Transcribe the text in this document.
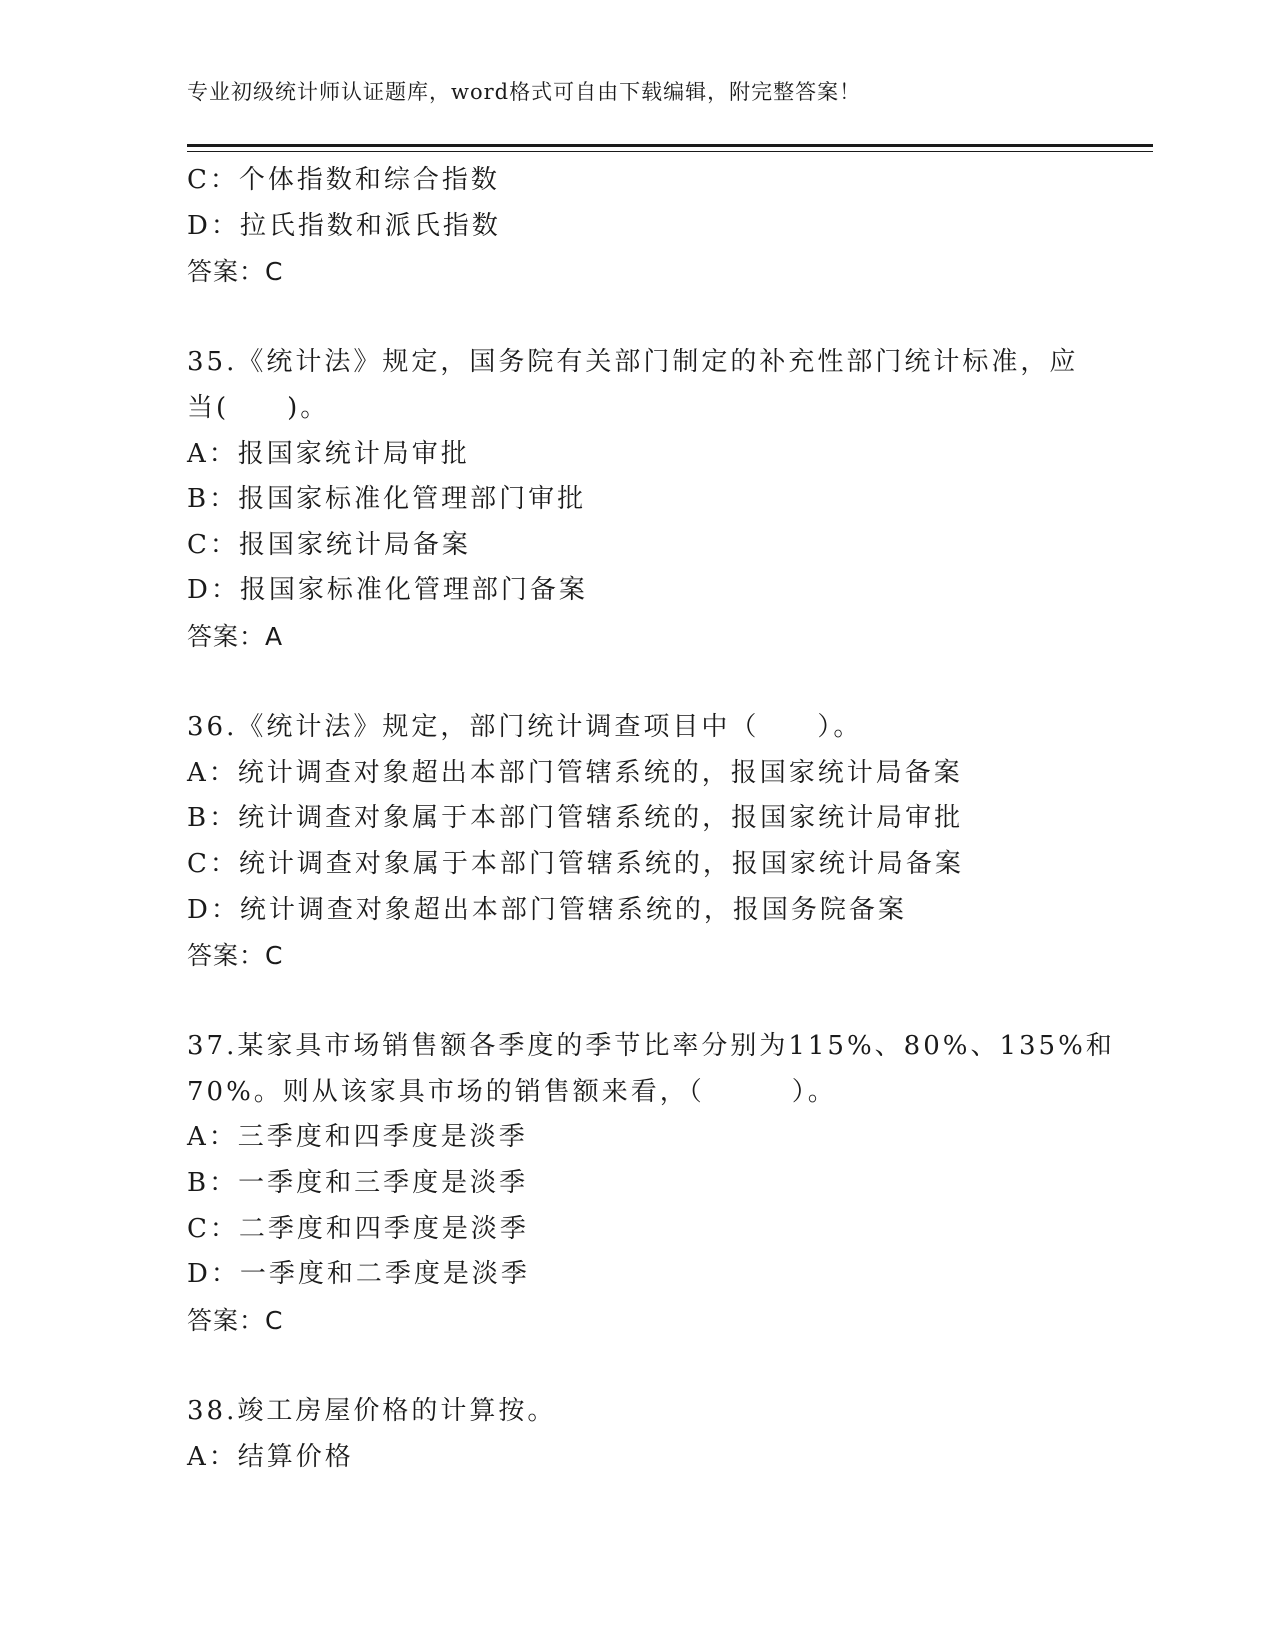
专业初级统计师认证题库，word格式可自由下载编辑，附完整答案！
C：个体指数和综合指数
D：拉氏指数和派氏指数
答案：C
35.《统计法》规定，国务院有关部门制定的补充性部门统计标准，应
当(　　)。
A：报国家统计局审批
B：报国家标准化管理部门审批
C：报国家统计局备案
D：报国家标准化管理部门备案
答案：A
36.《统计法》规定，部门统计调查项目中（　　）。
A：统计调查对象超出本部门管辖系统的，报国家统计局备案
B：统计调查对象属于本部门管辖系统的，报国家统计局审批
C：统计调查对象属于本部门管辖系统的，报国家统计局备案
D：统计调查对象超出本部门管辖系统的，报国务院备案
答案：C
37.某家具市场销售额各季度的季节比率分别为115%、80%、135%和
70%。则从该家具市场的销售额来看，（　　　）。
A：三季度和四季度是淡季
B：一季度和三季度是淡季
C：二季度和四季度是淡季
D：一季度和二季度是淡季
答案：C
38.竣工房屋价格的计算按。
A：结算价格
